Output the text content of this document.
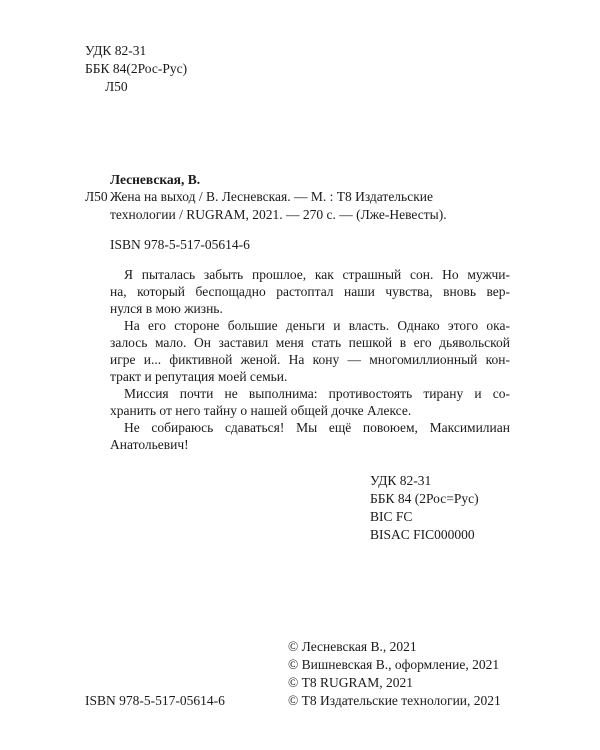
УДК 82-31

ББК 84(2Рос-Рус)

Л50

Лесневская, В.

Л50 Жена на выход / В. Лесневская. — М. : Т8 Издательские

технологии / RUGRAM, 2021. — 270 с. — (Лже-Невесты).

ISBN 978-5-517-05614-6

Я пыталась забыть прошлое, как страшный сон. Но мужчи-
на, который беспощадно растоптал наши чувства, вновь вер-
нулся в мою жизнь.
На его стороне большие деньги и власть. Однако этого ока-
залось мало. Он заставил меня стать пешкой в его дьявольской
игре и... фиктивной женой. На кону — многомиллионный кон-
тракт и репутация моей семьи.
Миссия почти не выполнима: противостоять тирану и со-
хранить от него тайну о нашей общей дочке Алексе.
Не собираюсь сдаваться! Мы ещё повоюем, Максимилиан
Анатольевич!

УДК 82-31

ББК 84 (2Рос=Рус)

BIC FC

BISAC FIC000000

© Лесневская В., 2021

© Вишневская В., оформление, 2021

© Т8 RUGRAM, 2021

© Т8 Издательские технологии, 2021

ISBN 978-5-517-05614-6
